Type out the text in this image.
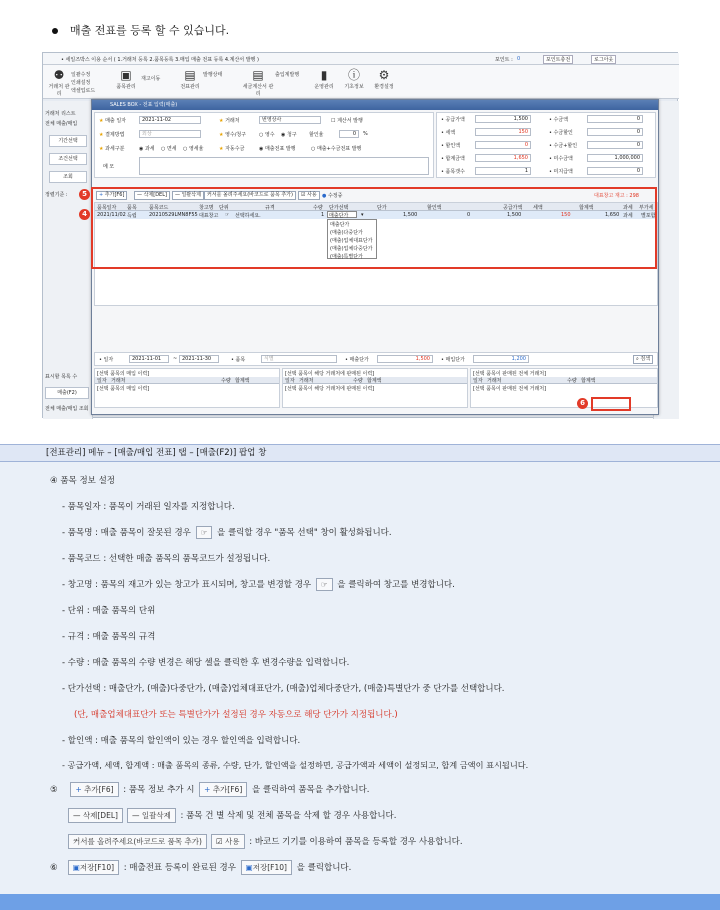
매출 전표를 등록 할 수 있습니다.
• 세일즈박스 이용 순서 ( 1.거래처 등록 2.품목등록 3.매입 매출 전표 등록 4.계산서 발행 )	포인트 : 0	포인트충전	로그아웃
⚉
거래처 관리
일괄수정
인쇄설정
엑셀업로드
▣
품목관리
재고이동	▤
전표관리
발행상태	▤
세금계산서 관리
출입계발행	▮
운영관리
ⓘ
기초정보
⚙
환경설정
거래처 리스트
전체 매출/매입
기간선택
조건선택
조회
정렬기준 :
표시할 목록 수
매출(F2)
전체 매출/매입 조회
SALES BOX - 전표 입력(매출)
★ 매출 일자	2021-11-02	★ 거래처	번영상사	☐ 계산서 발행
★ 결제방법	외상	★ 영수/청구	○ 영수 ◉ 청구 할인율	0	%
★ 과세구분	◉ 과세 ○ 면세 ○ 영세율	★ 자동수금	◉ 매출전표 발행	○ 매출+수금전표 발행
메 모
• 공급가액	1,500	• 수금액	0
• 세액	150	• 수금할인	0
• 할인액	0	• 수금+할인	0
• 합계금액	1,650	• 미수금액	1,000,000
• 품목갯수	1	• 미지급액	0
+ 추가[F6]	— 삭제[DEL]	— 일괄삭제	커서를 올려주세요(바코드로 품목 추가)	☑ 사용	● 수정중	대표창고 재고 : 298
품목일자 품목 품목코드	창고명 단위	규격	수량 단가선택	단가	할인액	공급가액 세액	합계액	과세 부가세
2021/11/02 득립 20210529LMN8F55 대표창고 ☞ 선택하세요.	1 매출단가	▾	1,500	0	1,500	150	1,650 과세 별포함
매출단가
(매출)다중단가
(매출)업체대표단가
(매출)업체다중단가
(매출)특별단가
• 일자	2021-11-01	~ 2021-11-30	• 품목	식별	• 매출단가	1,500	• 매입단가	1,200	⌕ 검색
[선택 품목의 매입 이력]
일자 거래처	수량 합계액
[선택 품목의 매입 이력]
[선택 품목이 해당 거래처에 판매된 이력]
일자 거래처	수량 합계액
[선택 품목이 해당 거래처에 판매된 이력]
[선택 품목이 판매된 전체 거래처]
일자 거래처	수량 합계액
[선택 품목이 판매된 전체 거래처]
5
4
6
[전표관리] 메뉴 – [매출/매입 전표] 탭 – [매출(F2)] 팝업 창
④ 품목 정보 설정
- 품목일자 : 품목이 거래된 일자를 지정합니다.
- 품목명 : 매출 품목이 잘못된 경우 ☞ 을 클릭할 경우 "품목 선택" 창이 활성화됩니다.
- 품목코드 : 선택한 매출 품목의 품목코드가 설정됩니다.
- 창고명 : 품목의 재고가 있는 창고가 표시되며, 창고를 변경할 경우 ☞ 을 클릭하여 창고를 변경합니다.
- 단위 : 매출 품목의 단위
- 규격 : 매출 품목의 규격
- 수량 : 매출 품목의 수량 변경은 해당 셀을 클릭한 후 변경수량을 입력합니다.
- 단가선택 : 매출단가, (매출)다중단가, (매출)업체대표단가, (매출)업체다중단가, (매출)특별단가 중 단가를 선택합니다.
(단, 매출업체대표단가 또는 특별단가가 설정된 경우 자동으로 해당 단가가 지정됩니다.)
- 할인액 : 매출 품목의 할인액이 있는 경우 할인액을 입력합니다.
- 공급가액, 세액, 합계액 : 매출 품목의 종류, 수량, 단가, 할인액을 설정하면, 공급가액과 세액이 설정되고, 합계 금액이 표시됩니다.
⑤ + 추가[F6] : 품목 정보 추가 시 + 추가[F6] 을 클릭하여 품목을 추가합니다.
— 삭제[DEL] — 일괄삭제 : 품목 건 별 삭제 및 전체 품목을 삭제 할 경우 사용합니다.
커서를 올려주세요(바코드로 품목 추가) ☑ 사용 : 바코드 기기를 이용하여 품목을 등록할 경우 사용합니다.
⑥ ▣저장[F10] : 매출전표 등록이 완료된 경우 ▣저장[F10] 을 클릭합니다.
